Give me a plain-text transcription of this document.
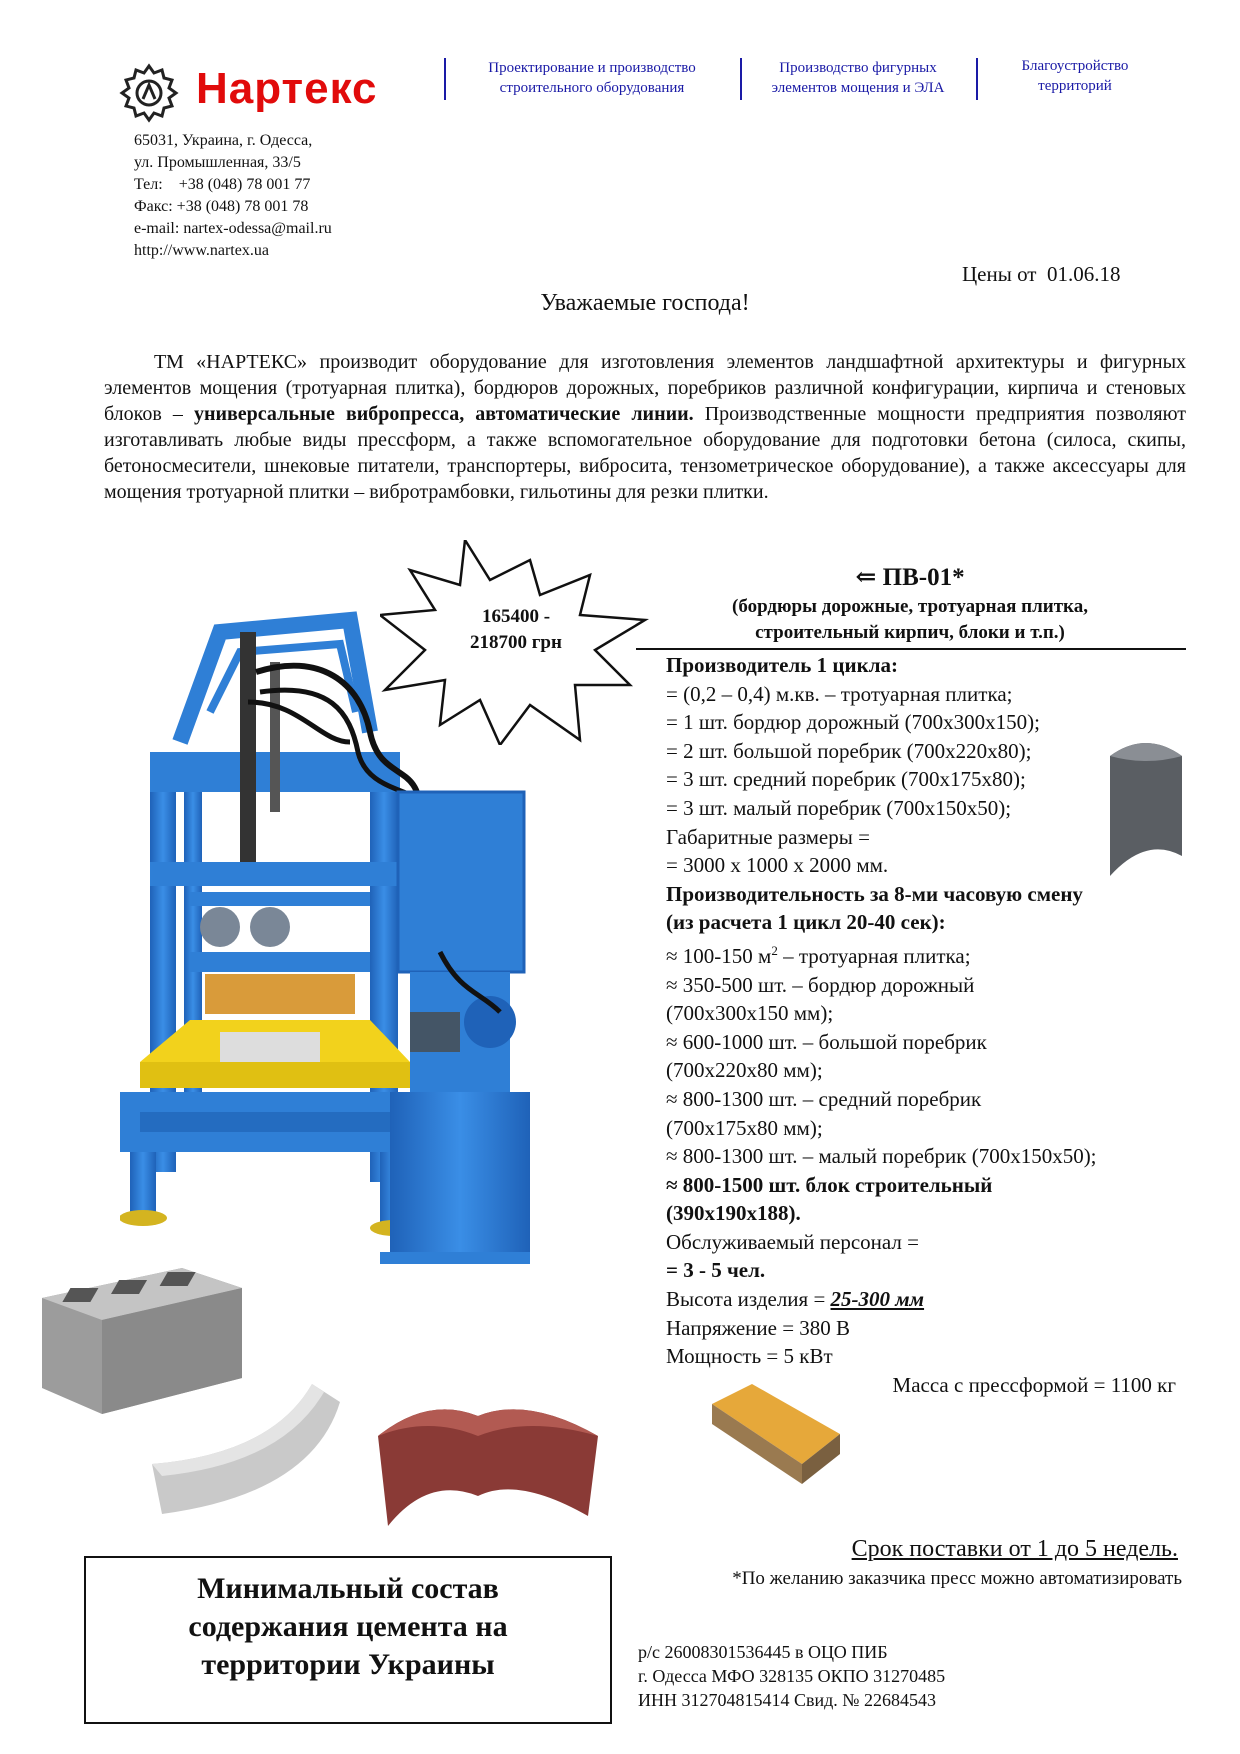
Нартекс	Проектирование и производство
строительного оборудования
Производство фигурных
элементов мощения и ЭЛА
Благоустройство
территорий
65031, Украина, г. Одесса,
ул. Промышленная, 33/5
Тел:    +38 (048) 78 001 77
Факс: +38 (048) 78 001 78
e-mail: nartex-odessa@mail.ru
http://www.nartex.ua
Цены от  01.06.18
Уважаемые господа!

ТМ «НАРТЕКС» производит оборудование для изготовления элементов ландшафтной архитектуры и фигурных элементов мощения (тротуарная плитка), бордюров дорожных, поребриков различной конфигурации, кирпича и стеновых блоков – универсальные вибропресса, автоматические линии. Производственные мощности предприятия позволяют изготавливать любые виды прессформ, а также вспомогательное оборудование для подготовки бетона (силоса, скипы, бетоносмесители, шнековые питатели, транспортеры, вибросита, тензометрическое оборудование), а также аксессуары для мощения тротуарной плитки – вибротрамбовки, гильотины для резки плитки.

165400 -
218700 грн
⇐ ПВ-01*
(бордюры дорожные, тротуарная плитка,
строительный кирпич, блоки и т.п.)
Производитель 1 цикла:
= (0,2 – 0,4) м.кв. – тротуарная плитка;
= 1 шт. бордюр дорожный (700х300х150);
= 2 шт. большой поребрик (700х220х80);
= 3 шт. средний поребрик (700х175х80);
= 3 шт. малый поребрик (700х150х50);
Габаритные размеры =
= 3000 х 1000 х 2000 мм.
Производительность за 8-ми часовую смену
(из расчета 1 цикл 20-40 сек):
≈ 100-150 $м^2$ – тротуарная плитка;
≈ 350-500 шт. – бордюр дорожный
(700х300х150 мм);
≈ 600-1000 шт. – большой поребрик
(700х220х80 мм);
≈ 800-1300 шт. – средний поребрик
(700х175х80 мм);
≈ 800-1300 шт. – малый поребрик (700х150х50);
≈ 800-1500 шт. блок строительный
(390х190х188).
Обслуживаемый персонал =
= 3 - 5 чел.
Высота изделия = 25-300 мм
Напряжение = 380 В
Мощность = 5 кВт
Масса с прессформой = 1100 кг
Срок поставки от 1 до 5 недель.
*По желанию заказчика пресс можно автоматизировать
Минимальный состав
содержания цемента на
территории Украины	р/с 26008301536445 в ОЦО ПИБ
г. Одесса МФО 328135 ОКПО 31270485
ИНН 312704815414 Свид. № 22684543
